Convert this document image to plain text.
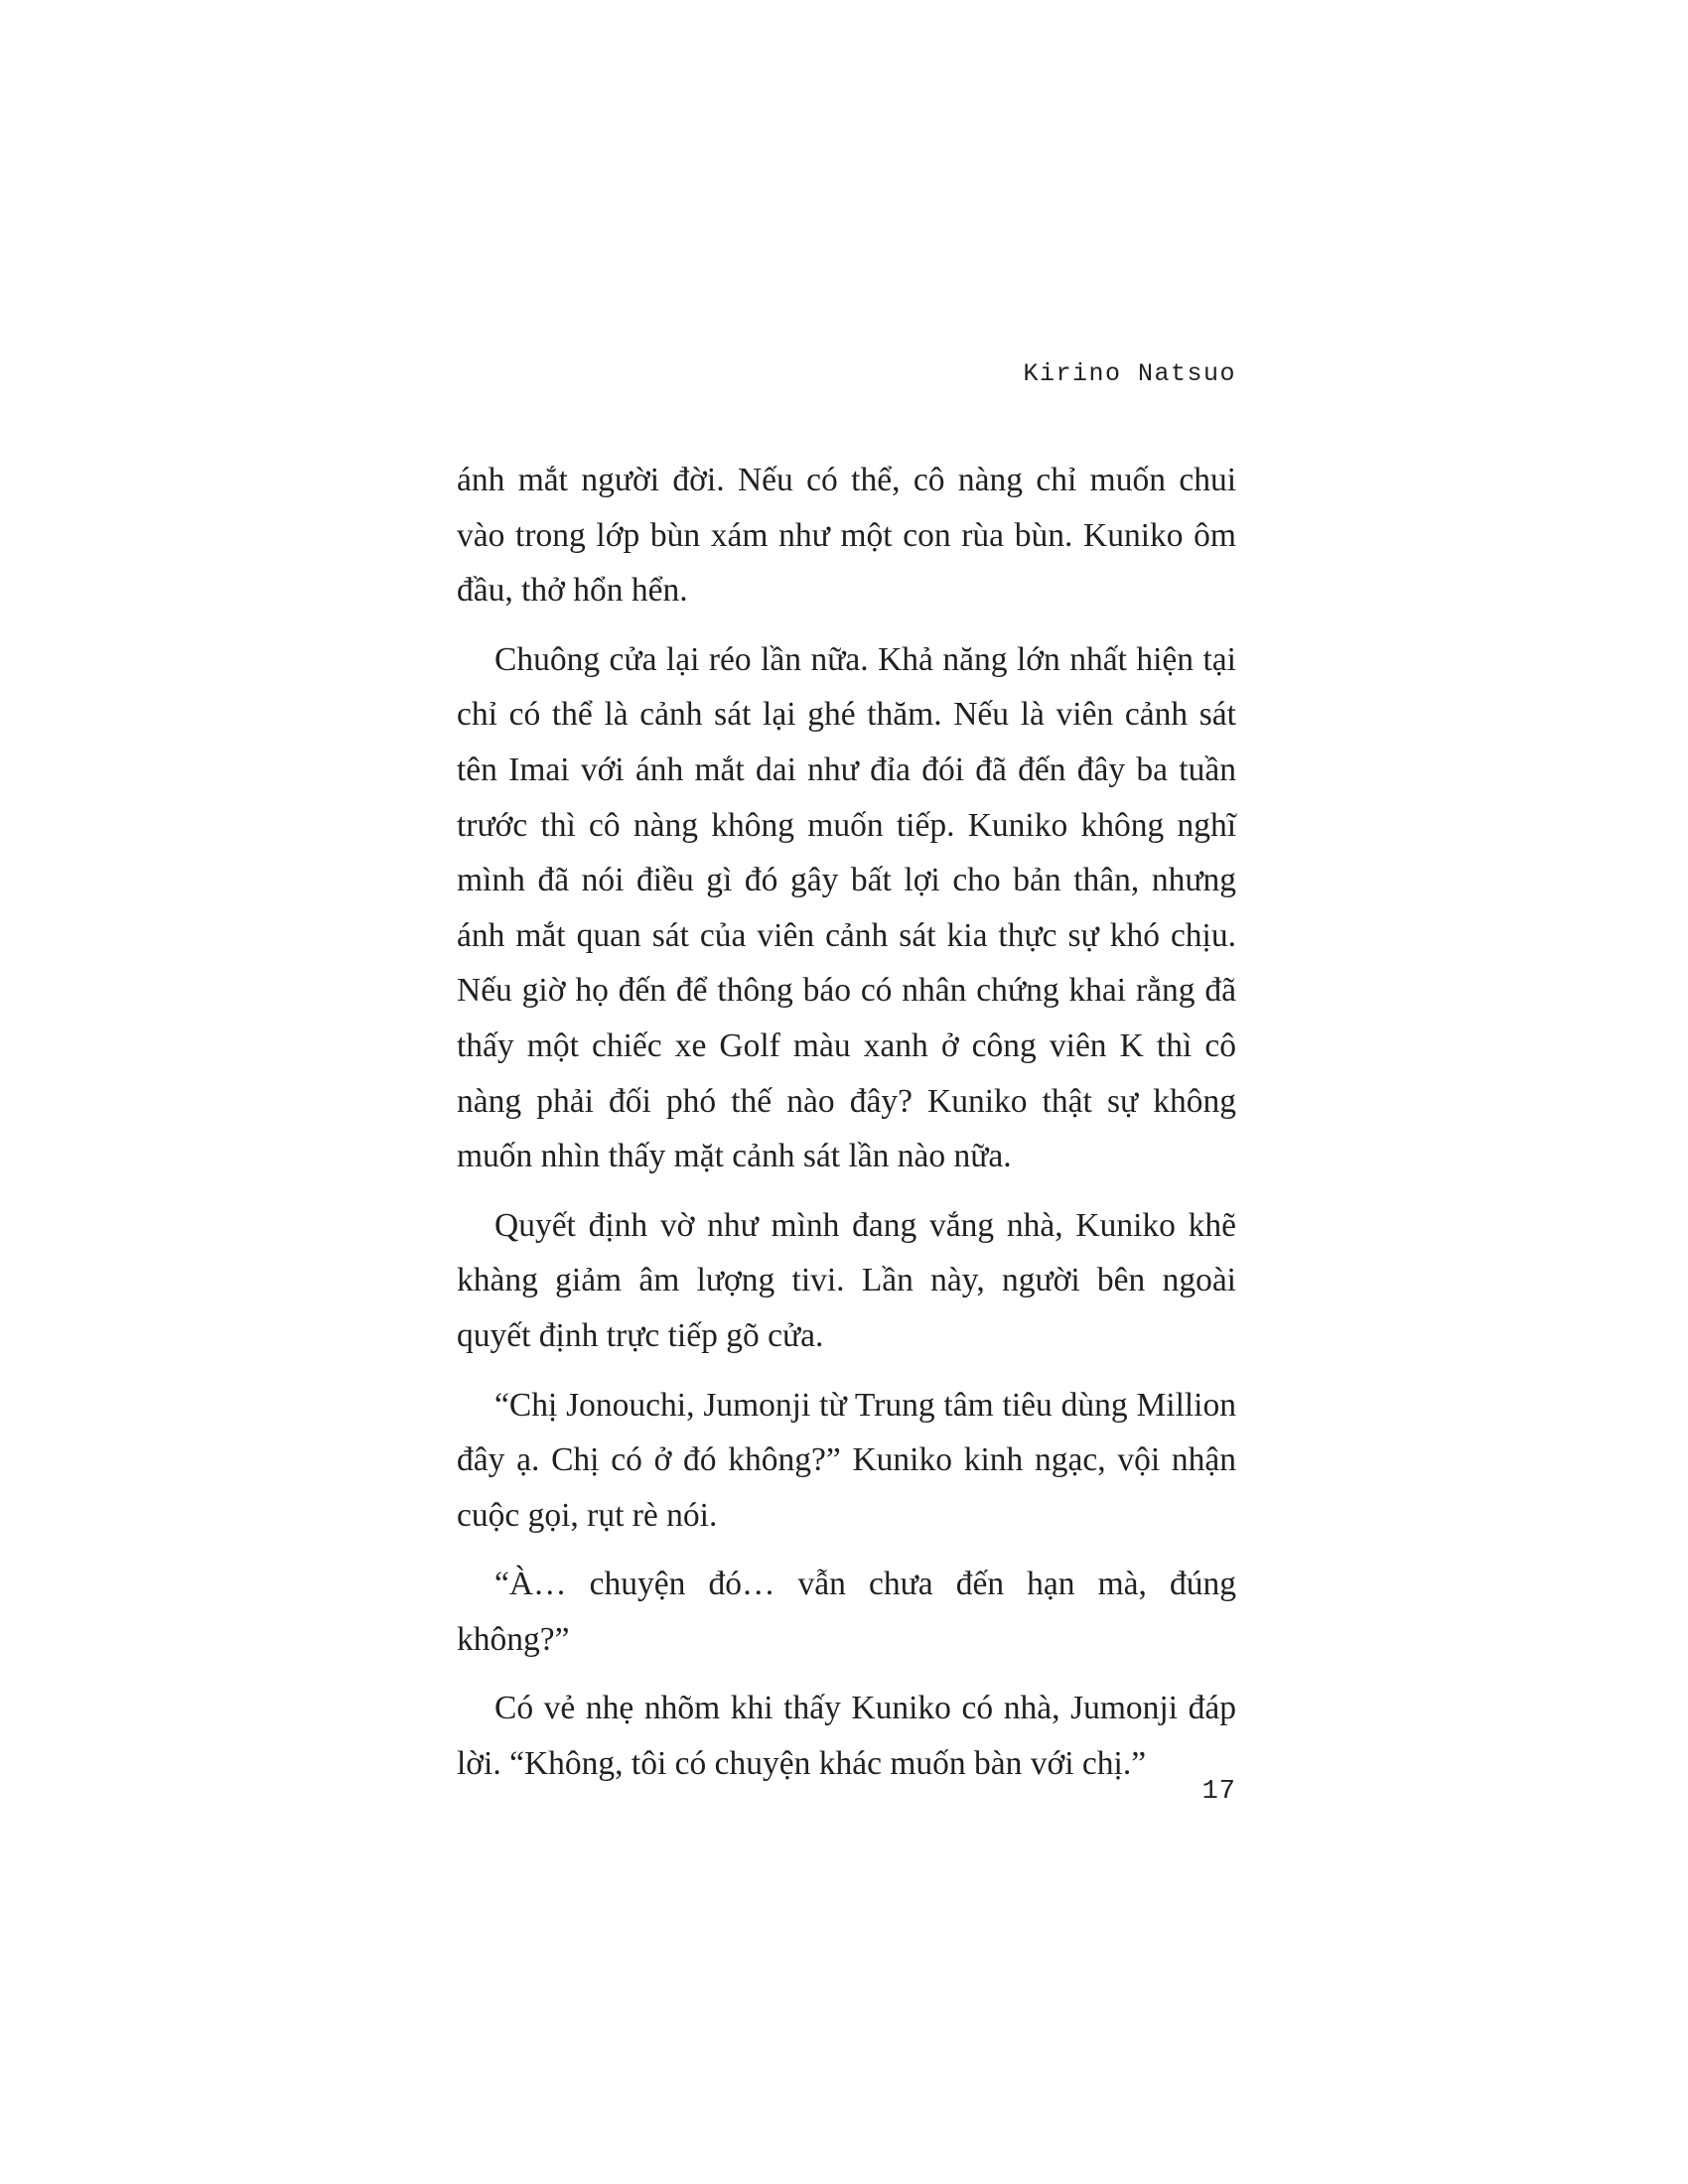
Kirino Natsuo

ánh mắt người đời. Nếu có thể, cô nàng chỉ muốn chui vào trong lớp bùn xám như một con rùa bùn. Kuniko ôm đầu, thở hổn hển.

Chuông cửa lại réo lần nữa. Khả năng lớn nhất hiện tại chỉ có thể là cảnh sát lại ghé thăm. Nếu là viên cảnh sát tên Imai với ánh mắt dai như đỉa đói đã đến đây ba tuần trước thì cô nàng không muốn tiếp. Kuniko không nghĩ mình đã nói điều gì đó gây bất lợi cho bản thân, nhưng ánh mắt quan sát của viên cảnh sát kia thực sự khó chịu. Nếu giờ họ đến để thông báo có nhân chứng khai rằng đã thấy một chiếc xe Golf màu xanh ở công viên K thì cô nàng phải đối phó thế nào đây? Kuniko thật sự không muốn nhìn thấy mặt cảnh sát lần nào nữa.

Quyết định vờ như mình đang vắng nhà, Kuniko khẽ khàng giảm âm lượng tivi. Lần này, người bên ngoài quyết định trực tiếp gõ cửa.

“Chị Jonouchi, Jumonji từ Trung tâm tiêu dùng Million đây ạ. Chị có ở đó không?” Kuniko kinh ngạc, vội nhận cuộc gọi, rụt rè nói.

“À… chuyện đó… vẫn chưa đến hạn mà, đúng không?”

Có vẻ nhẹ nhõm khi thấy Kuniko có nhà, Jumonji đáp lời. “Không, tôi có chuyện khác muốn bàn với chị.”

17
